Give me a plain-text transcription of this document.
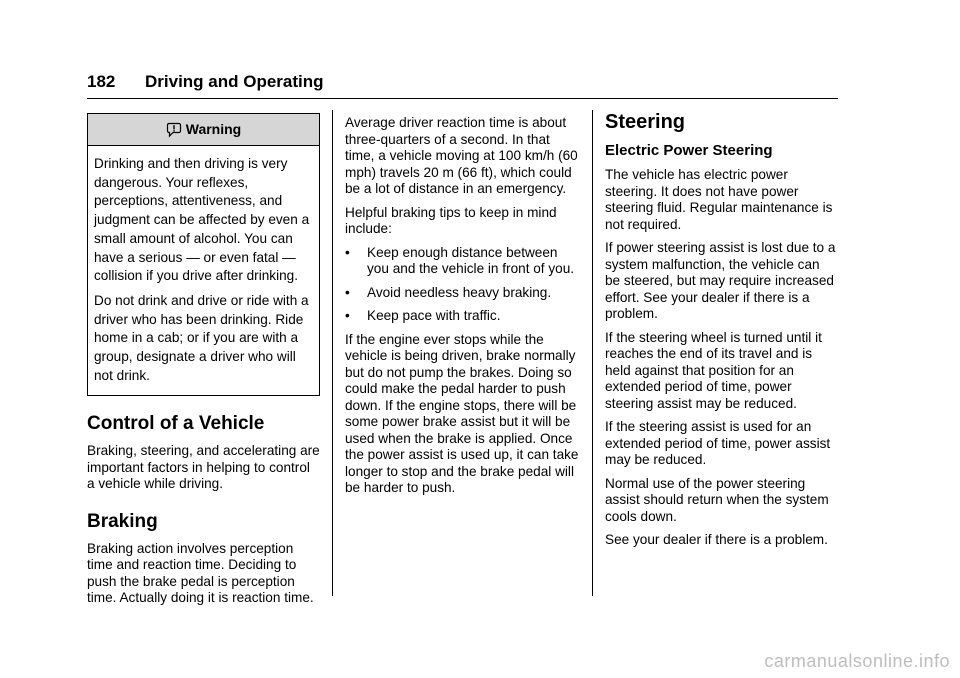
182 Driving and Operating
Warning

Drinking and then driving is very dangerous. Your reflexes, perceptions, attentiveness, and judgment can be affected by even a small amount of alcohol. You can have a serious — or even fatal — collision if you drive after drinking.

Do not drink and drive or ride with a driver who has been drinking. Ride home in a cab; or if you are with a group, designate a driver who will not drink.

Control of a Vehicle

Braking, steering, and accelerating are important factors in helping to control a vehicle while driving.

Braking

Braking action involves perception time and reaction time. Deciding to push the brake pedal is perception time. Actually doing it is reaction time.

Average driver reaction time is about three-quarters of a second. In that time, a vehicle moving at 100 km/h (60 mph) travels 20 m (66 ft), which could be a lot of distance in an emergency.

Helpful braking tips to keep in mind include:

• Keep enough distance between you and the vehicle in front of you.
• Avoid needless heavy braking.
• Keep pace with traffic.

If the engine ever stops while the vehicle is being driven, brake normally but do not pump the brakes. Doing so could make the pedal harder to push down. If the engine stops, there will be some power brake assist but it will be used when the brake is applied. Once the power assist is used up, it can take longer to stop and the brake pedal will be harder to push.

Steering
Electric Power Steering

The vehicle has electric power steering. It does not have power steering fluid. Regular maintenance is not required.

If power steering assist is lost due to a system malfunction, the vehicle can be steered, but may require increased effort. See your dealer if there is a problem.

If the steering wheel is turned until it reaches the end of its travel and is held against that position for an extended period of time, power steering assist may be reduced.

If the steering assist is used for an extended period of time, power assist may be reduced.

Normal use of the power steering assist should return when the system cools down.

See your dealer if there is a problem.

carmanualsonline.info
